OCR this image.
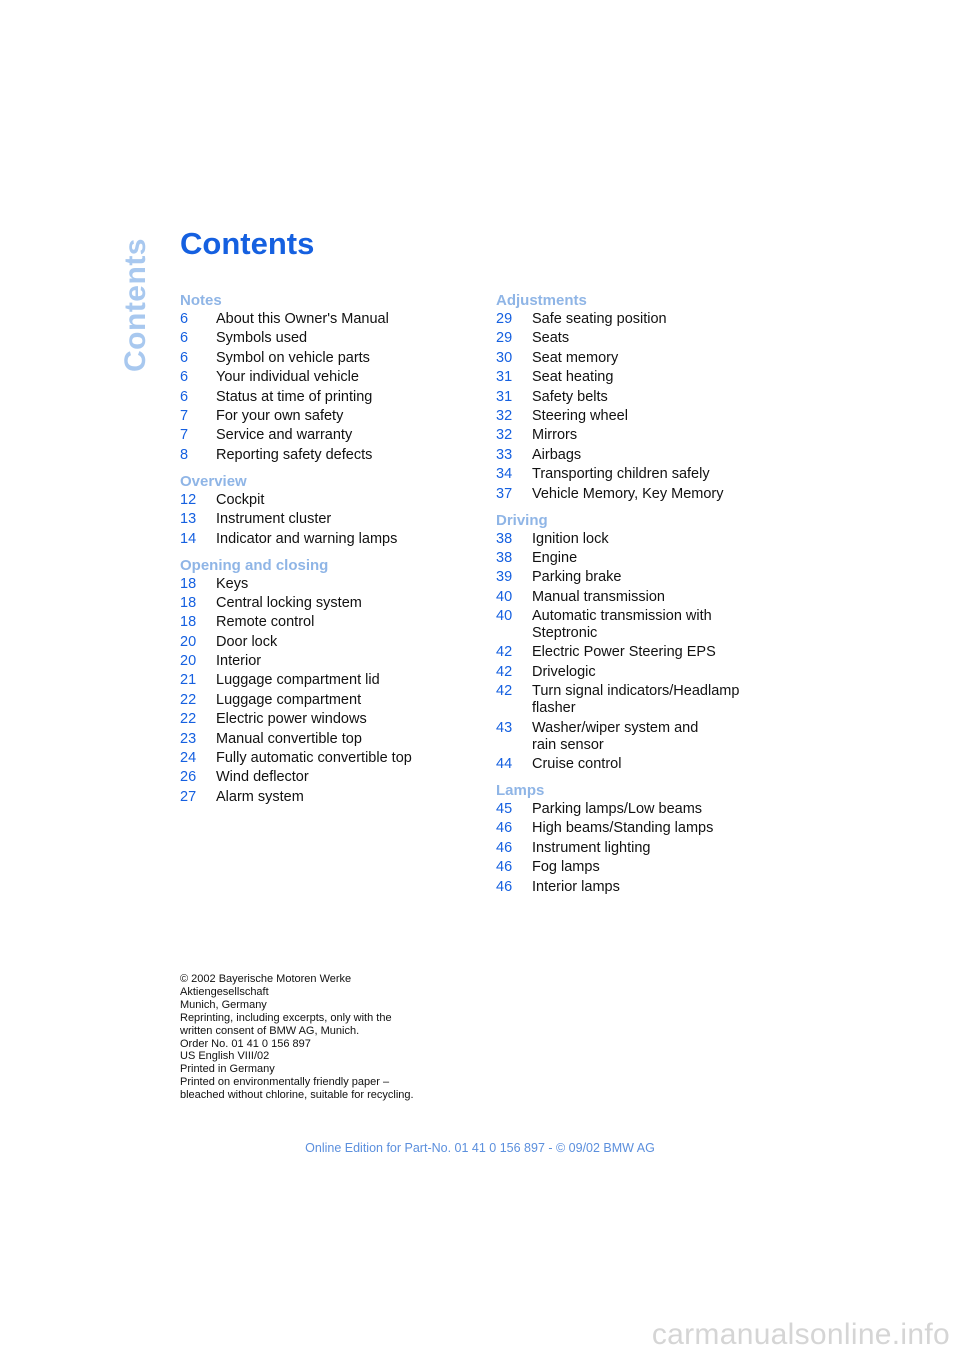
Contents Contents
Notes
6	About this Owner's Manual
6	Symbols used
6	Symbol on vehicle parts
6	Your individual vehicle
6	Status at time of printing
7	For your own safety
7	Service and warranty
8	Reporting safety defects
Overview
12	Cockpit
13	Instrument cluster
14	Indicator and warning lamps
Opening and closing
18	Keys
18	Central locking system
18	Remote control
20	Door lock
20	Interior
21	Luggage compartment lid
22	Luggage compartment
22	Electric power windows
23	Manual convertible top
24	Fully automatic convertible top
26	Wind deflector
27	Alarm system
Adjustments
29	Safe seating position
29	Seats
30	Seat memory
31	Seat heating
31	Safety belts
32	Steering wheel
32	Mirrors
33	Airbags
34	Transporting children safely
37	Vehicle Memory, Key Memory
Driving
38	Ignition lock
38	Engine
39	Parking brake
40	Manual transmission
40	Automatic transmission with
Steptronic
42	Electric Power Steering EPS
42	Drivelogic
42	Turn signal indicators/Headlamp
flasher
43	Washer/wiper system and
rain sensor
44	Cruise control
Lamps
45	Parking lamps/Low beams
46	High beams/Standing lamps
46	Instrument lighting
46	Fog lamps
46	Interior lamps
© 2002 Bayerische Motoren Werke
Aktiengesellschaft
Munich, Germany
Reprinting, including excerpts, only with the
written consent of BMW AG, Munich.
Order No. 01 41 0 156 897
US English VIII/02
Printed in Germany
Printed on environmentally friendly paper –
bleached without chlorine, suitable for recycling.
Online Edition for Part-No. 01 41 0 156 897 - © 09/02 BMW AG
carmanualsonline.info
